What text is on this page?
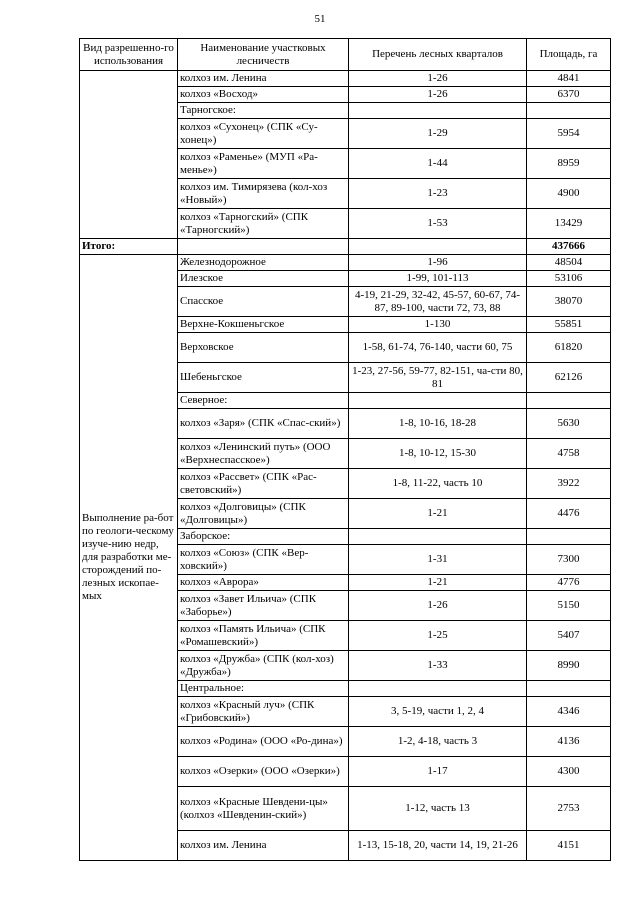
51
Вид разрешенно-го использования	Наименование участковых лесничеств	Перечень лесных кварталов	Площадь, га
	колхоз им. Ленина	1-26	4841
	колхоз «Восход»	1-26	6370
	Тарногское:		
	колхоз «Сухонец» (СПК «Су-хонец»)	1-29	5954
	колхоз «Раменье» (МУП «Ра-менье»)	1-44	8959
	колхоз им. Тимирязева (кол-хоз «Новый»)	1-23	4900
	колхоз «Тарногский» (СПК «Тарногский»)	1-53	13429
Итого:			437666
Выполнение ра-бот по геологи-ческому изуче-нию недр, для разработки ме-сторождений по-лезных ископае-мых	Железнодорожное	1-96	48504
	Илезское	1-99, 101-113	53106
	Спасское	4-19, 21-29, 32-42, 45-57, 60-67, 74-87, 89-100, части 72, 73, 88	38070
	Верхне-Кокшеньгское	1-130	55851
	Верховское	1-58, 61-74, 76-140, части 60, 75	61820
	Шебеньгское	1-23, 27-56, 59-77, 82-151, ча-сти 80, 81	62126
	Северное:		
	колхоз «Заря» (СПК «Спас-ский»)	1-8, 10-16, 18-28	5630
	колхоз «Ленинский путь» (ООО «Верхнеспасское»)	1-8, 10-12, 15-30	4758
	колхоз «Рассвет» (СПК «Рас-световский»)	1-8, 11-22, часть 10	3922
	колхоз «Долговицы» (СПК «Долговицы»)	1-21	4476
	Заборское:		
	колхоз «Союз» (СПК «Вер-ховский»)	1-31	7300
	колхоз «Аврора»	1-21	4776
	колхоз «Завет Ильича» (СПК «Заборье»)	1-26	5150
	колхоз «Память Ильича» (СПК «Ромашевский»)	1-25	5407
	колхоз «Дружба» (СПК (кол-хоз) «Дружба»)	1-33	8990
	Центральное:		
	колхоз «Красный луч» (СПК «Грибовский»)	3, 5-19, части 1, 2, 4	4346
	колхоз «Родина» (ООО «Ро-дина»)	1-2, 4-18, часть 3	4136
	колхоз «Озерки» (ООО «Озерки»)	1-17	4300
	колхоз «Красные Шевдени-цы» (колхоз «Шевденин-ский»)	1-12, часть 13	2753
	колхоз им. Ленина	1-13, 15-18, 20, части 14, 19, 21-26	4151
